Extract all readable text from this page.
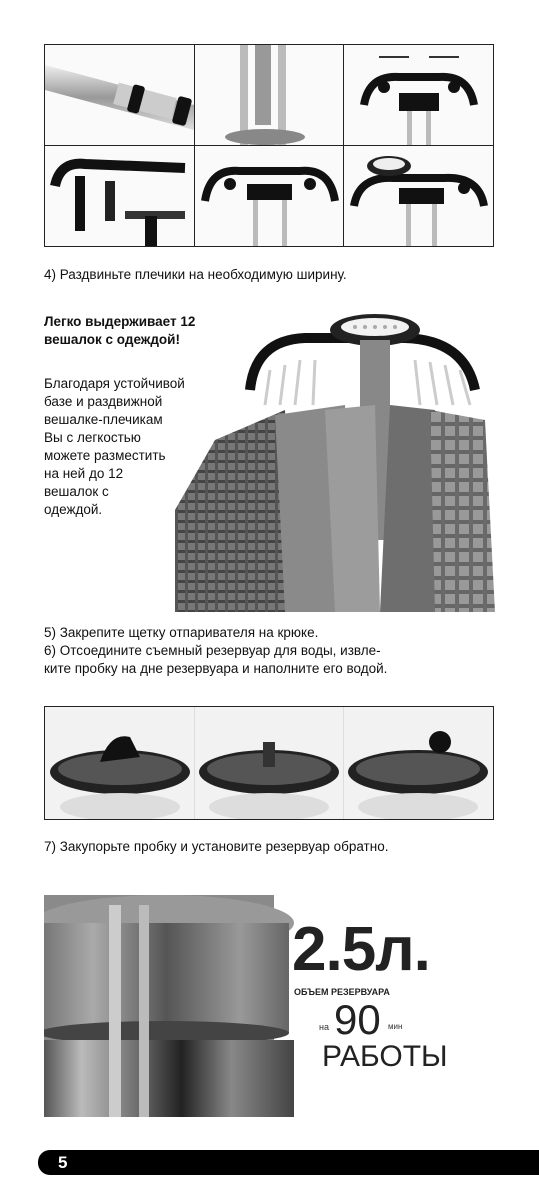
4) Раздвиньте плечики на необходимую ширину.
Легко выдерживает 12
вешалок с одеждой!
Благодаря устойчивой
базе и раздвижной
вешалке-плечикам
Вы с легкостью
можете разместить
на ней до 12
вешалок с
одеждой.
5) Закрепите щетку отпаривателя на крюке.
6) Отсоедините съемный резервуар для воды, извле-
ките пробку на дне резервуара и наполните его водой.
7) Закупорьте пробку и установите резервуар обратно.
2.5л.
ОБЪЕМ РЕЗЕРВУАРА
на 90 мин
РАБОТЫ
5
